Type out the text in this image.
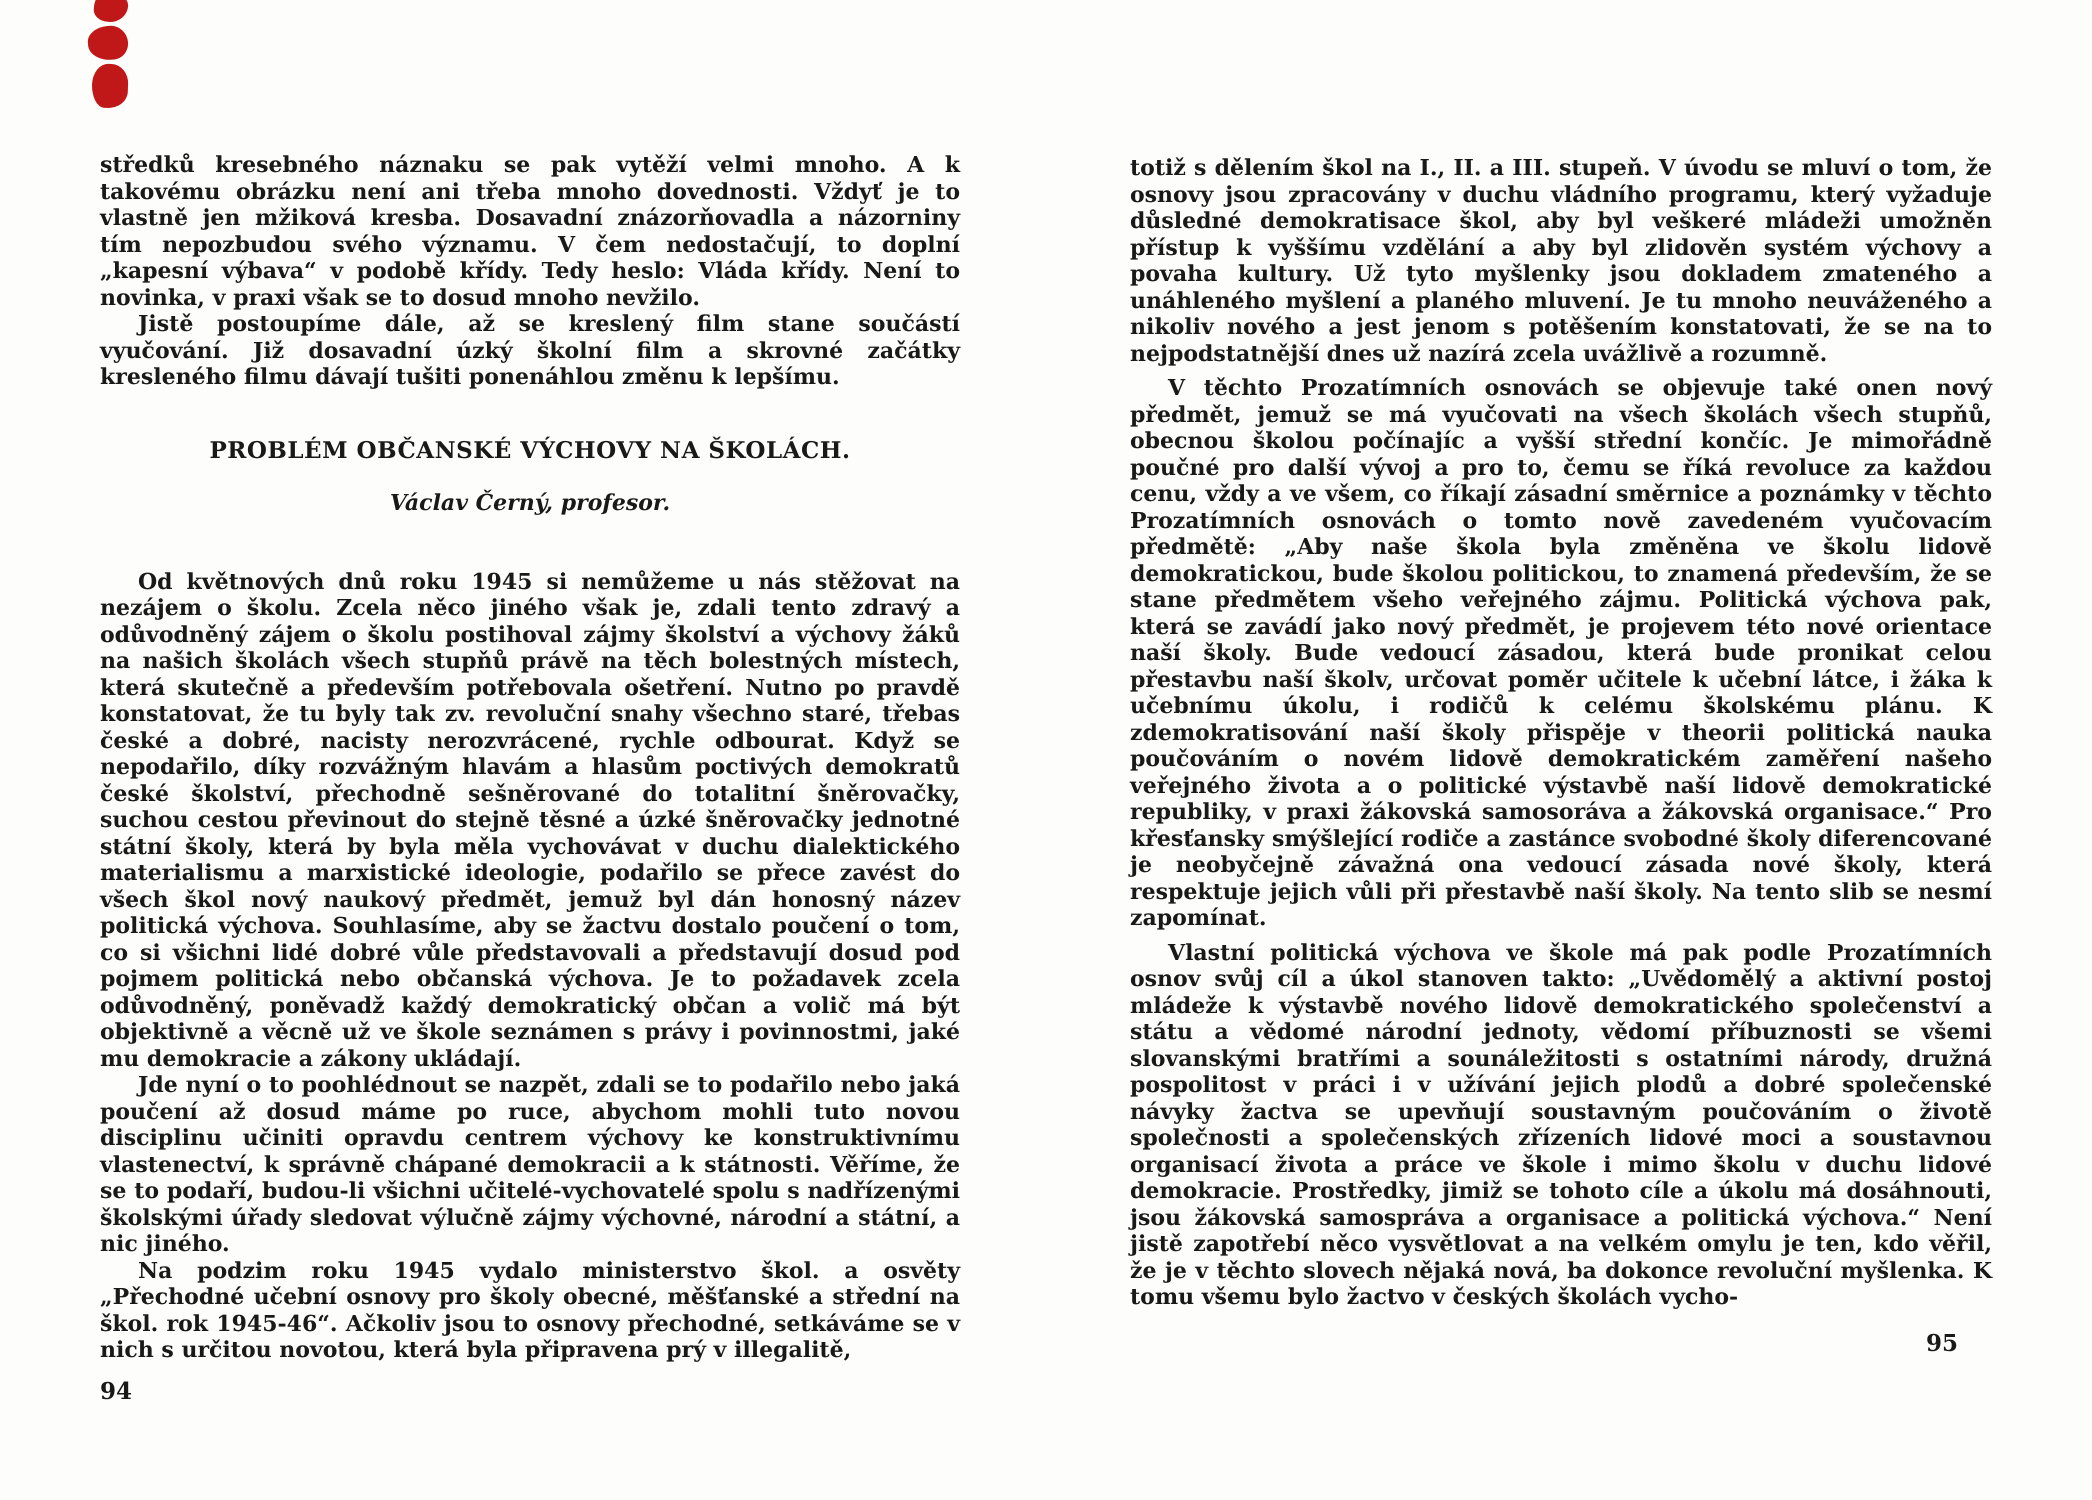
středků kresebného náznaku se pak vytěží velmi mnoho. A k takovému obrázku není ani třeba mnoho dovednosti. Vždyť je to vlastně jen mžiková kresba. Dosavadní znázorňovadla a názorniny tím nepozbudou svého významu. V čem nedostačují, to doplní „kapesní výbava“ v podobě křídy. Tedy heslo: Vláda křídy. Není to novinka, v praxi však se to dosud mnoho nevžilo.

Jistě postoupíme dále, až se kreslený film stane součástí vyučování. Již dosavadní úzký školní film a skrovné začátky kresleného filmu dávají tušiti ponenáhlou změnu k lepšímu.

PROBLÉM OBČANSKÉ VÝCHOVY NA ŠKOLÁCH.
Václav Černý, profesor.

Od květnových dnů roku 1945 si nemůžeme u nás stěžovat na nezájem o školu. Zcela něco jiného však je, zdali tento zdravý a odůvodněný zájem o školu postihoval zájmy školství a výchovy žáků na našich školách všech stupňů právě na těch bolestných místech, která skutečně a především potřebovala ošetření. Nutno po pravdě konstatovat, že tu byly tak zv. revoluční snahy všechno staré, třebas české a dobré, nacisty nerozvrácené, rychle odbourat. Když se nepodařilo, díky rozvážným hlavám a hlasům poctivých demokratů české školství, přechodně sešněrované do totalitní šněrovačky, suchou cestou převinout do stejně těsné a úzké šněrovačky jednotné státní školy, která by byla měla vychovávat v duchu dialektického materialismu a marxistické ideologie, podařilo se přece zavést do všech škol nový naukový předmět, jemuž byl dán honosný název politická výchova. Souhlasíme, aby se žactvu dostalo poučení o tom, co si všichni lidé dobré vůle představovali a představují dosud pod pojmem politická nebo občanská výchova. Je to požadavek zcela odůvodněný, poněvadž každý demokratický občan a volič má být objektivně a věcně už ve škole seznámen s právy i povinnostmi, jaké mu demokracie a zákony ukládají.

Jde nyní o to poohlédnout se nazpět, zdali se to podařilo nebo jaká poučení až dosud máme po ruce, abychom mohli tuto novou disciplinu učiniti opravdu centrem výchovy ke konstruktivnímu vlastenectví, k správně chápané demokracii a k státnosti. Věříme, že se to podaří, budou-li všichni učitelé-vychovatelé spolu s nadřízenými školskými úřady sledovat výlučně zájmy výchovné, národní a státní, a nic jiného.

Na podzim roku 1945 vydalo ministerstvo škol. a osvěty „Přechodné učební osnovy pro školy obecné, měšťanské a střední na škol. rok 1945-46“. Ačkoliv jsou to osnovy přechodné, setkáváme se v nich s určitou novotou, která byla připravena prý v illegalitě,

totiž s dělením škol na I., II. a III. stupeň. V úvodu se mluví o tom, že osnovy jsou zpracovány v duchu vládního programu, který vyžaduje důsledné demokratisace škol, aby byl veškeré mládeži umožněn přístup k vyššímu vzdělání a aby byl zlidověn systém výchovy a povaha kultury. Už tyto myšlenky jsou dokladem zmateného a unáhleného myšlení a planého mluvení. Je tu mnoho neuváženého a nikoliv nového a jest jenom s potěšením konstatovati, že se na to nejpodstatnější dnes už nazírá zcela uvážlivě a rozumně.

V těchto Prozatímních osnovách se objevuje také onen nový předmět, jemuž se má vyučovati na všech školách všech stupňů, obecnou školou počínajíc a vyšší střední končíc. Je mimořádně poučné pro další vývoj a pro to, čemu se říká revoluce za každou cenu, vždy a ve všem, co říkají zásadní směrnice a poznámky v těchto Prozatímních osnovách o tomto nově zavedeném vyučovacím předmětě: „Aby naše škola byla změněna ve školu lidově demokratickou, bude školou politickou, to znamená především, že se stane předmětem všeho veřejného zájmu. Politická výchova pak, která se zavádí jako nový předmět, je projevem této nové orientace naší školy. Bude vedoucí zásadou, která bude pronikat celou přestavbu naší školv, určovat poměr učitele k učební látce, i žáka k učebnímu úkolu, i rodičů k celému školskému plánu. K zdemokratisování naší školy přispěje v theorii politická nauka poučováním o novém lidově demokratickém zaměření našeho veřejného života a o politické výstavbě naší lidově demokratické republiky, v praxi žákovská samosoráva a žákovská organisace.“ Pro křesťansky smýšlející rodiče a zastánce svobodné školy diferencované je neobyčejně závažná ona vedoucí zásada nové školy, která respektuje jejich vůli při přestavbě naší školy. Na tento slib se nesmí zapomínat.

Vlastní politická výchova ve škole má pak podle Prozatímních osnov svůj cíl a úkol stanoven takto: „Uvědomělý a aktivní postoj mládeže k výstavbě nového lidově demokratického společenství a státu a vědomé národní jednoty, vědomí příbuznosti se všemi slovanskými bratřími a sounáležitosti s ostatními národy, družná pospolitost v práci i v užívání jejich plodů a dobré společenské návyky žactva se upevňují soustavným poučováním o životě společnosti a společenských zřízeních lidové moci a soustavnou organisací života a práce ve škole i mimo školu v duchu lidové demokracie. Prostředky, jimiž se tohoto cíle a úkolu má dosáhnouti, jsou žákovská samospráva a organisace a politická výchova.“ Není jistě zapotřebí něco vysvětlovat a na velkém omylu je ten, kdo věřil, že je v těchto slovech nějaká nová, ba dokonce revoluční myšlenka. K tomu všemu bylo žactvo v českých školách vycho-

94
95
